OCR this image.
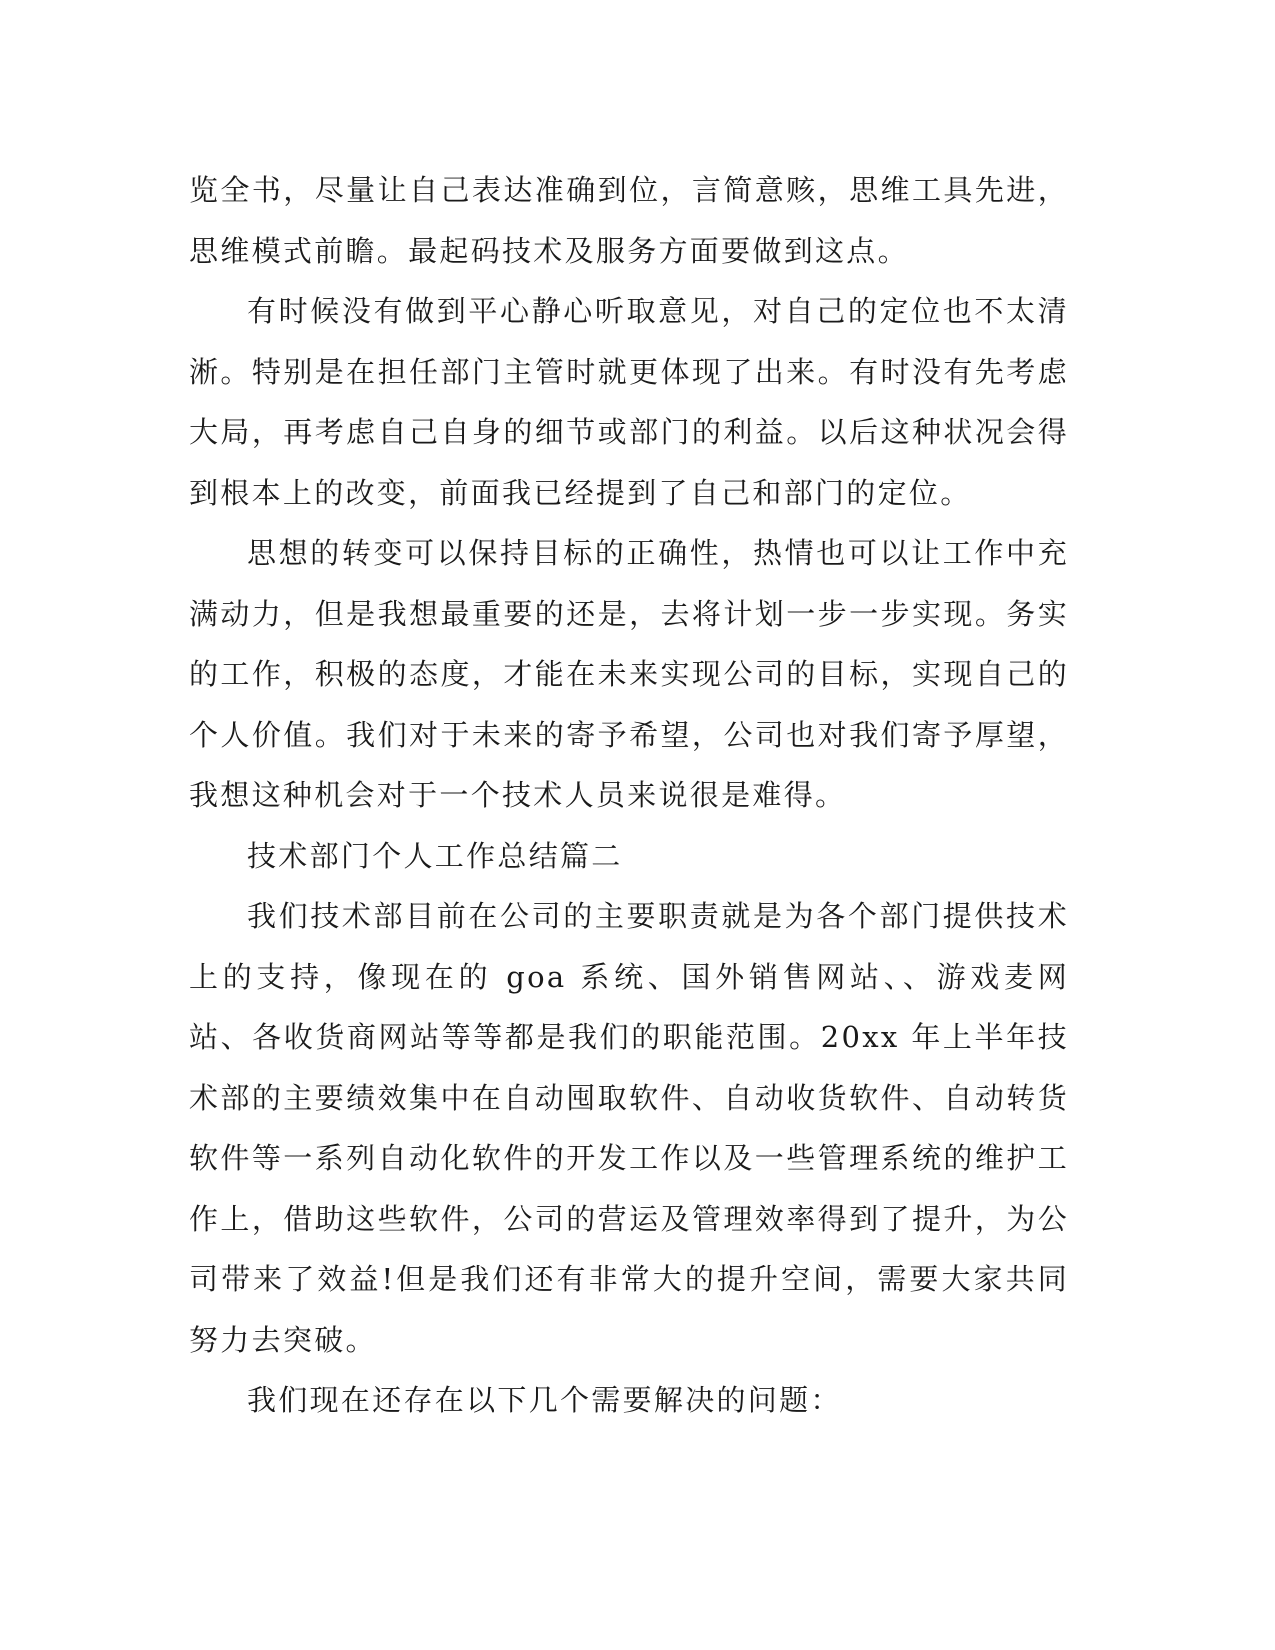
览全书，尽量让自己表达准确到位，言简意赅，思维工具先进，思维模式前瞻。最起码技术及服务方面要做到这点。

有时候没有做到平心静心听取意见，对自己的定位也不太清淅。特别是在担任部门主管时就更体现了出来。有时没有先考虑大局，再考虑自己自身的细节或部门的利益。以后这种状况会得到根本上的改变，前面我已经提到了自己和部门的定位。

思想的转变可以保持目标的正确性，热情也可以让工作中充满动力，但是我想最重要的还是，去将计划一步一步实现。务实的工作，积极的态度，才能在未来实现公司的目标，实现自己的个人价值。我们对于未来的寄予希望，公司也对我们寄予厚望，我想这种机会对于一个技术人员来说很是难得。

技术部门个人工作总结篇二

我们技术部目前在公司的主要职责就是为各个部门提供技术上的支持，像现在的 goa 系统、国外销售网站、、游戏麦网站、各收货商网站等等都是我们的职能范围。20xx 年上半年技术部的主要绩效集中在自动囤取软件、自动收货软件、自动转货软件等一系列自动化软件的开发工作以及一些管理系统的维护工作上，借助这些软件，公司的营运及管理效率得到了提升，为公司带来了效益!但是我们还有非常大的提升空间，需要大家共同努力去突破。

我们现在还存在以下几个需要解决的问题：
